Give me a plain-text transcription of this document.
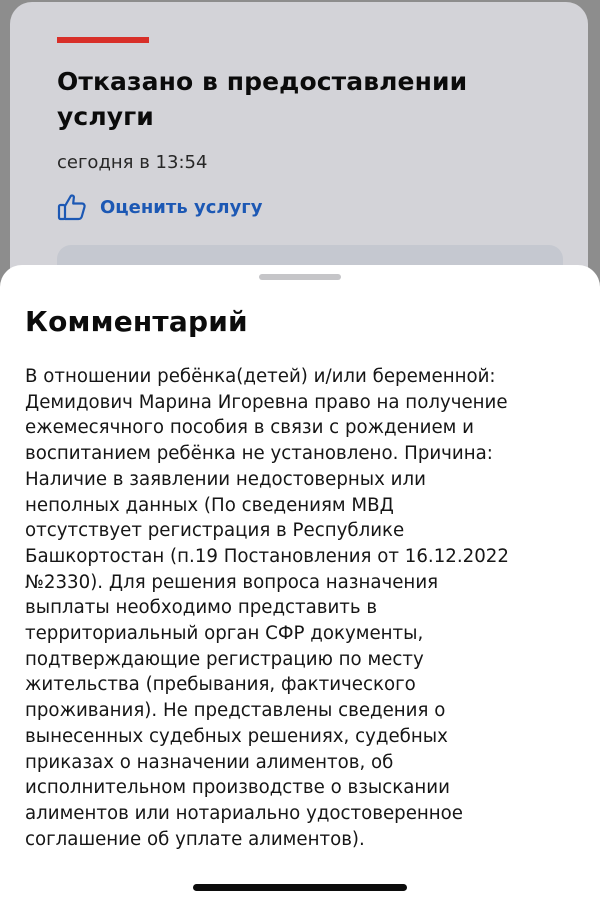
Отказано в предоставлении услуги
сегодня в 13:54
Оценить услугу
Комментарий
В отношении ребёнка(детей) и/или беременной:
Демидович Марина Игоревна право на получение
ежемесячного пособия в связи с рождением и
воспитанием ребёнка не установлено. Причина:
Наличие в заявлении недостоверных или
неполных данных (По сведениям МВД
отсутствует регистрация в Республике
Башкортостан (п.19 Постановления от 16.12.2022
№2330). Для решения вопроса назначения
выплаты необходимо представить в
территориальный орган СФР документы,
подтверждающие регистрацию по месту
жительства (пребывания, фактического
проживания). Не представлены сведения о
вынесенных судебных решениях, судебных
приказах о назначении алиментов, об
исполнительном производстве о взыскании
алиментов или нотариально удостоверенное
соглашение об уплате алиментов).
